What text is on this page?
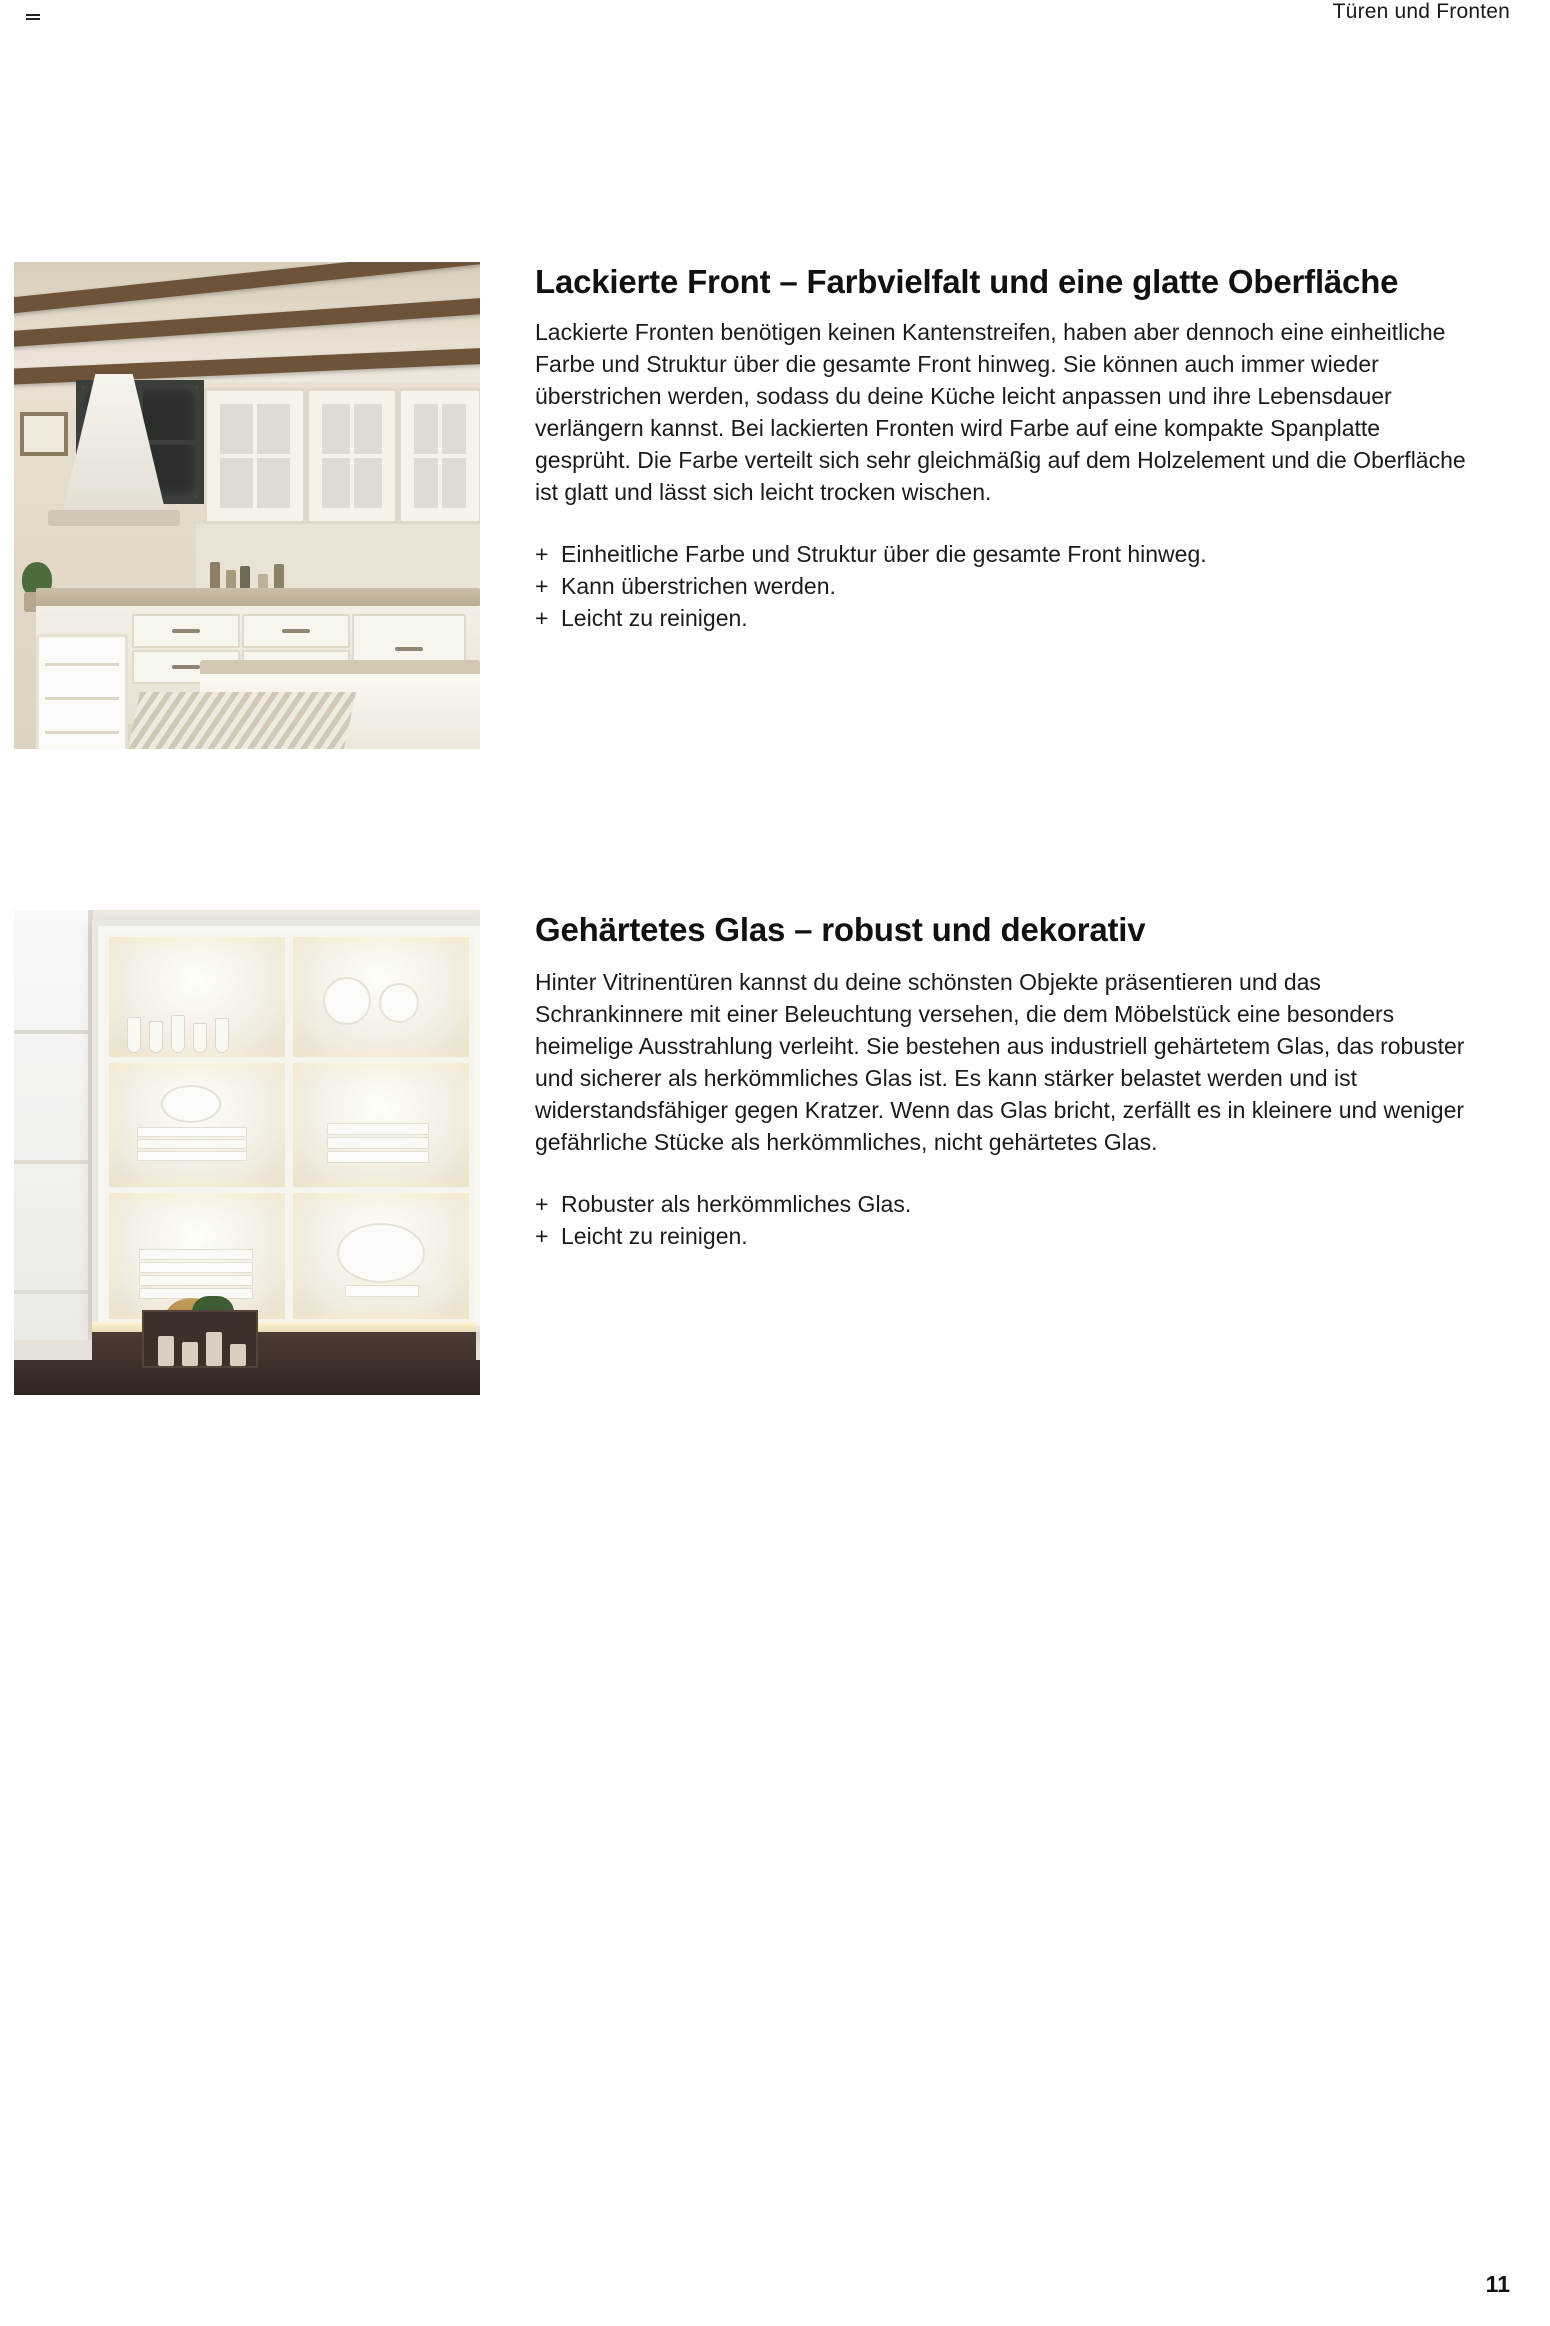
Türen und Fronten
Lackierte Front – Farbvielfalt und eine glatte Oberfläche

Lackierte Fronten benötigen keinen Kantenstreifen, haben aber dennoch eine einheitliche Farbe und Struktur über die gesamte Front hinweg. Sie können auch immer wieder überstrichen werden, sodass du deine Küche leicht anpassen und ihre Lebensdauer verlängern kannst. Bei lackierten Fronten wird Farbe auf eine kompakte Spanplatte gesprüht. Die Farbe verteilt sich sehr gleichmäßig auf dem Holzelement und die Oberfläche ist glatt und lässt sich leicht trocken wischen.

+ Einheitliche Farbe und Struktur über die gesamte Front hinweg.
+ Kann überstrichen werden.
+ Leicht zu reinigen.
Gehärtetes Glas – robust und dekorativ

Hinter Vitrinentüren kannst du deine schönsten Objekte präsentieren und das Schrankinnere mit einer Beleuchtung versehen, die dem Möbelstück eine besonders heimelige Ausstrahlung verleiht. Sie bestehen aus industriell gehärtetem Glas, das robuster und sicherer als herkömmliches Glas ist. Es kann stärker belastet werden und ist widerstandsfähiger gegen Kratzer. Wenn das Glas bricht, zerfällt es in kleinere und weniger gefährliche Stücke als herkömmliches, nicht gehärtetes Glas.

+ Robuster als herkömmliches Glas.
+ Leicht zu reinigen.
11
